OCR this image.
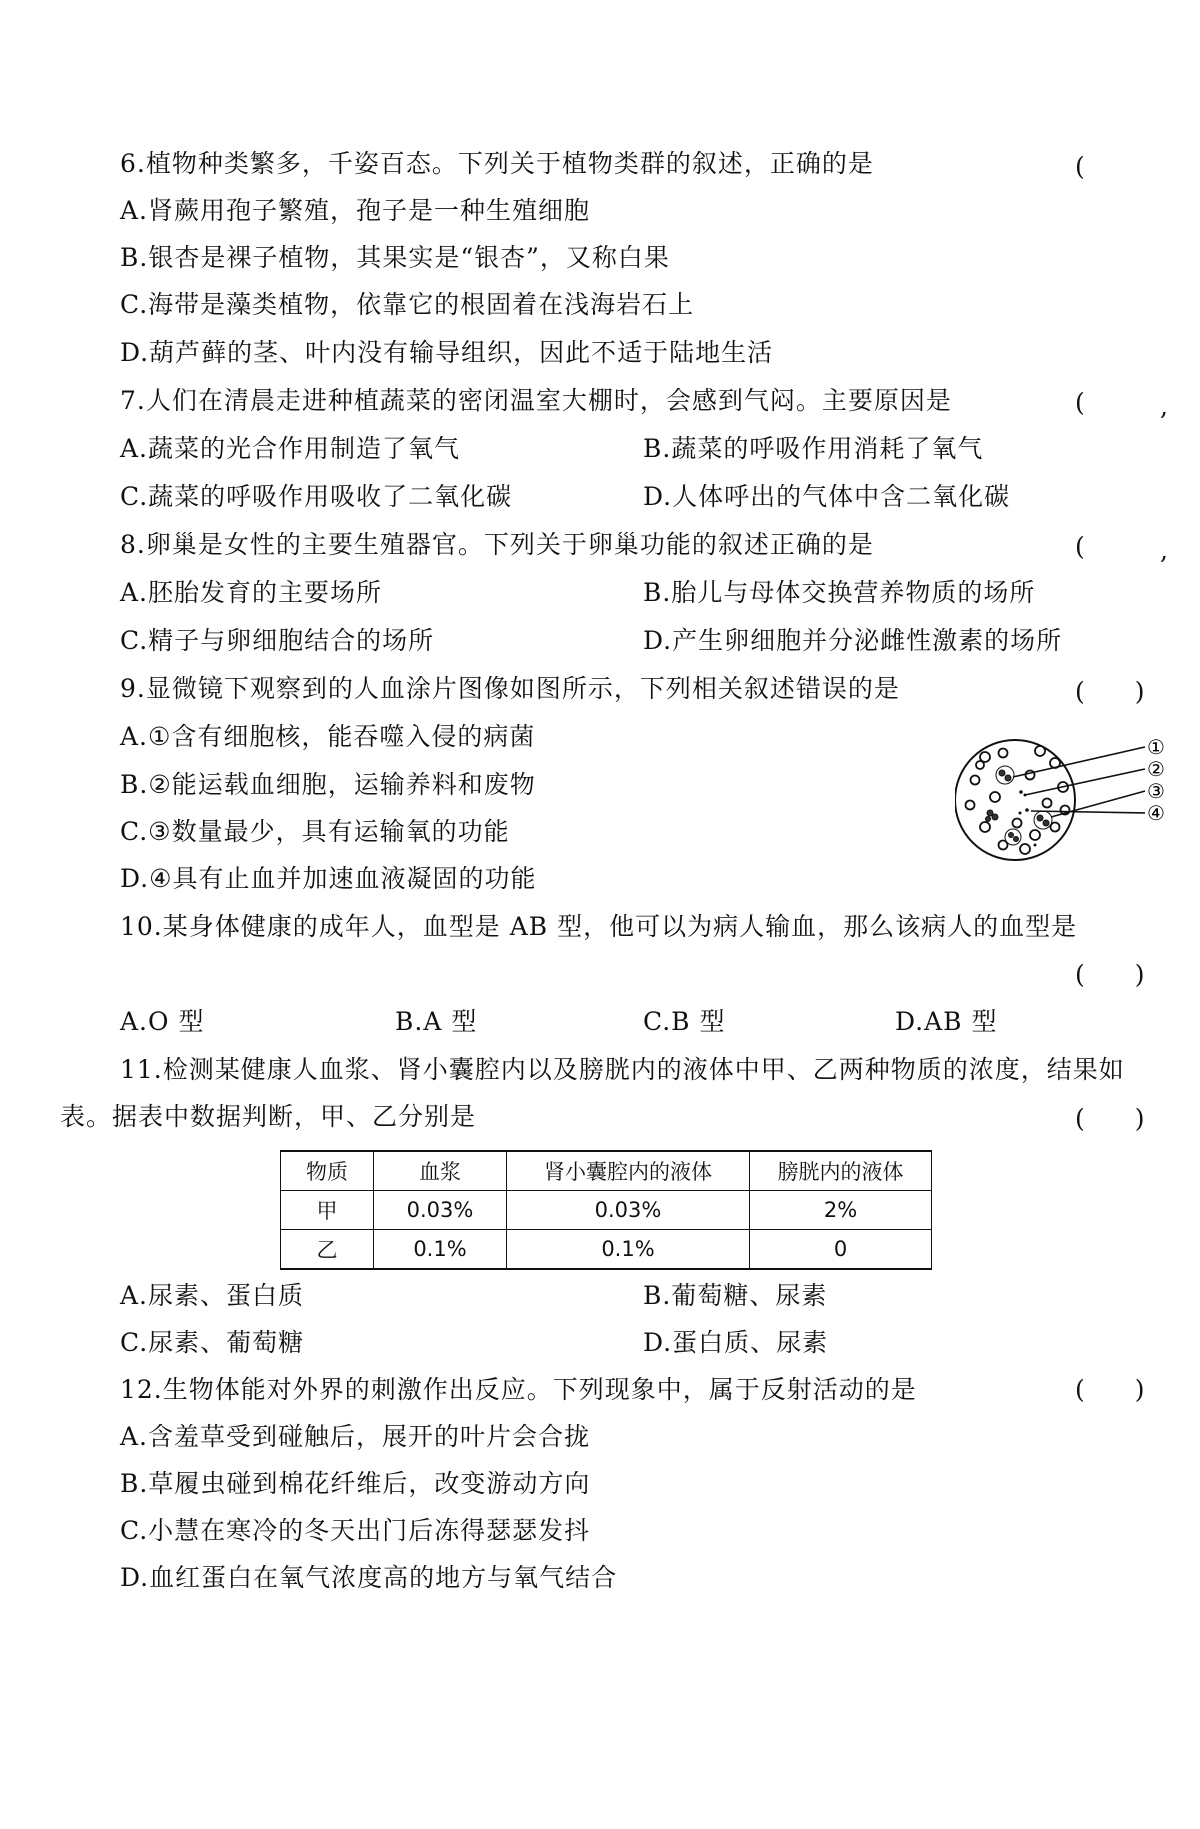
6.植物种类繁多，千姿百态。下列关于植物类群的叙述，正确的是	(
A.肾蕨用孢子繁殖，孢子是一种生殖细胞
B.银杏是裸子植物，其果实是“银杏”，又称白果
C.海带是藻类植物，依靠它的根固着在浅海岩石上
D.葫芦藓的茎、叶内没有输导组织，因此不适于陆地生活
7.人们在清晨走进种植蔬菜的密闭温室大棚时，会感到气闷。主要原因是	(	,
A.蔬菜的光合作用制造了氧气	B.蔬菜的呼吸作用消耗了氧气
C.蔬菜的呼吸作用吸收了二氧化碳	D.人体呼出的气体中含二氧化碳
8.卵巢是女性的主要生殖器官。下列关于卵巢功能的叙述正确的是	(	,
A.胚胎发育的主要场所	B.胎儿与母体交换营养物质的场所
C.精子与卵细胞结合的场所	D.产生卵细胞并分泌雌性激素的场所
9.显微镜下观察到的人血涂片图像如图所示，下列相关叙述错误的是	(　　)
A.①含有细胞核，能吞噬入侵的病菌
B.②能运载血细胞，运输养料和废物
C.③数量最少，具有运输氧的功能
D.④具有止血并加速血液凝固的功能
①
②
③
④
10.某身体健康的成年人，血型是 AB 型，他可以为病人输血，那么该病人的血型是
(　　)
A.O 型	B.A 型	C.B 型	D.AB 型
11.检测某健康人血浆、肾小囊腔内以及膀胱内的液体中甲、乙两种物质的浓度，结果如
表。据表中数据判断，甲、乙分别是	(　　)
物质	血浆	肾小囊腔内的液体	膀胱内的液体
甲	0.03%	0.03%	2%
乙	0.1%	0.1%	0
A.尿素、蛋白质	B.葡萄糖、尿素
C.尿素、葡萄糖	D.蛋白质、尿素
12.生物体能对外界的刺激作出反应。下列现象中，属于反射活动的是	(　　)
A.含羞草受到碰触后，展开的叶片会合拢
B.草履虫碰到棉花纤维后，改变游动方向
C.小慧在寒冷的冬天出门后冻得瑟瑟发抖
D.血红蛋白在氧气浓度高的地方与氧气结合
